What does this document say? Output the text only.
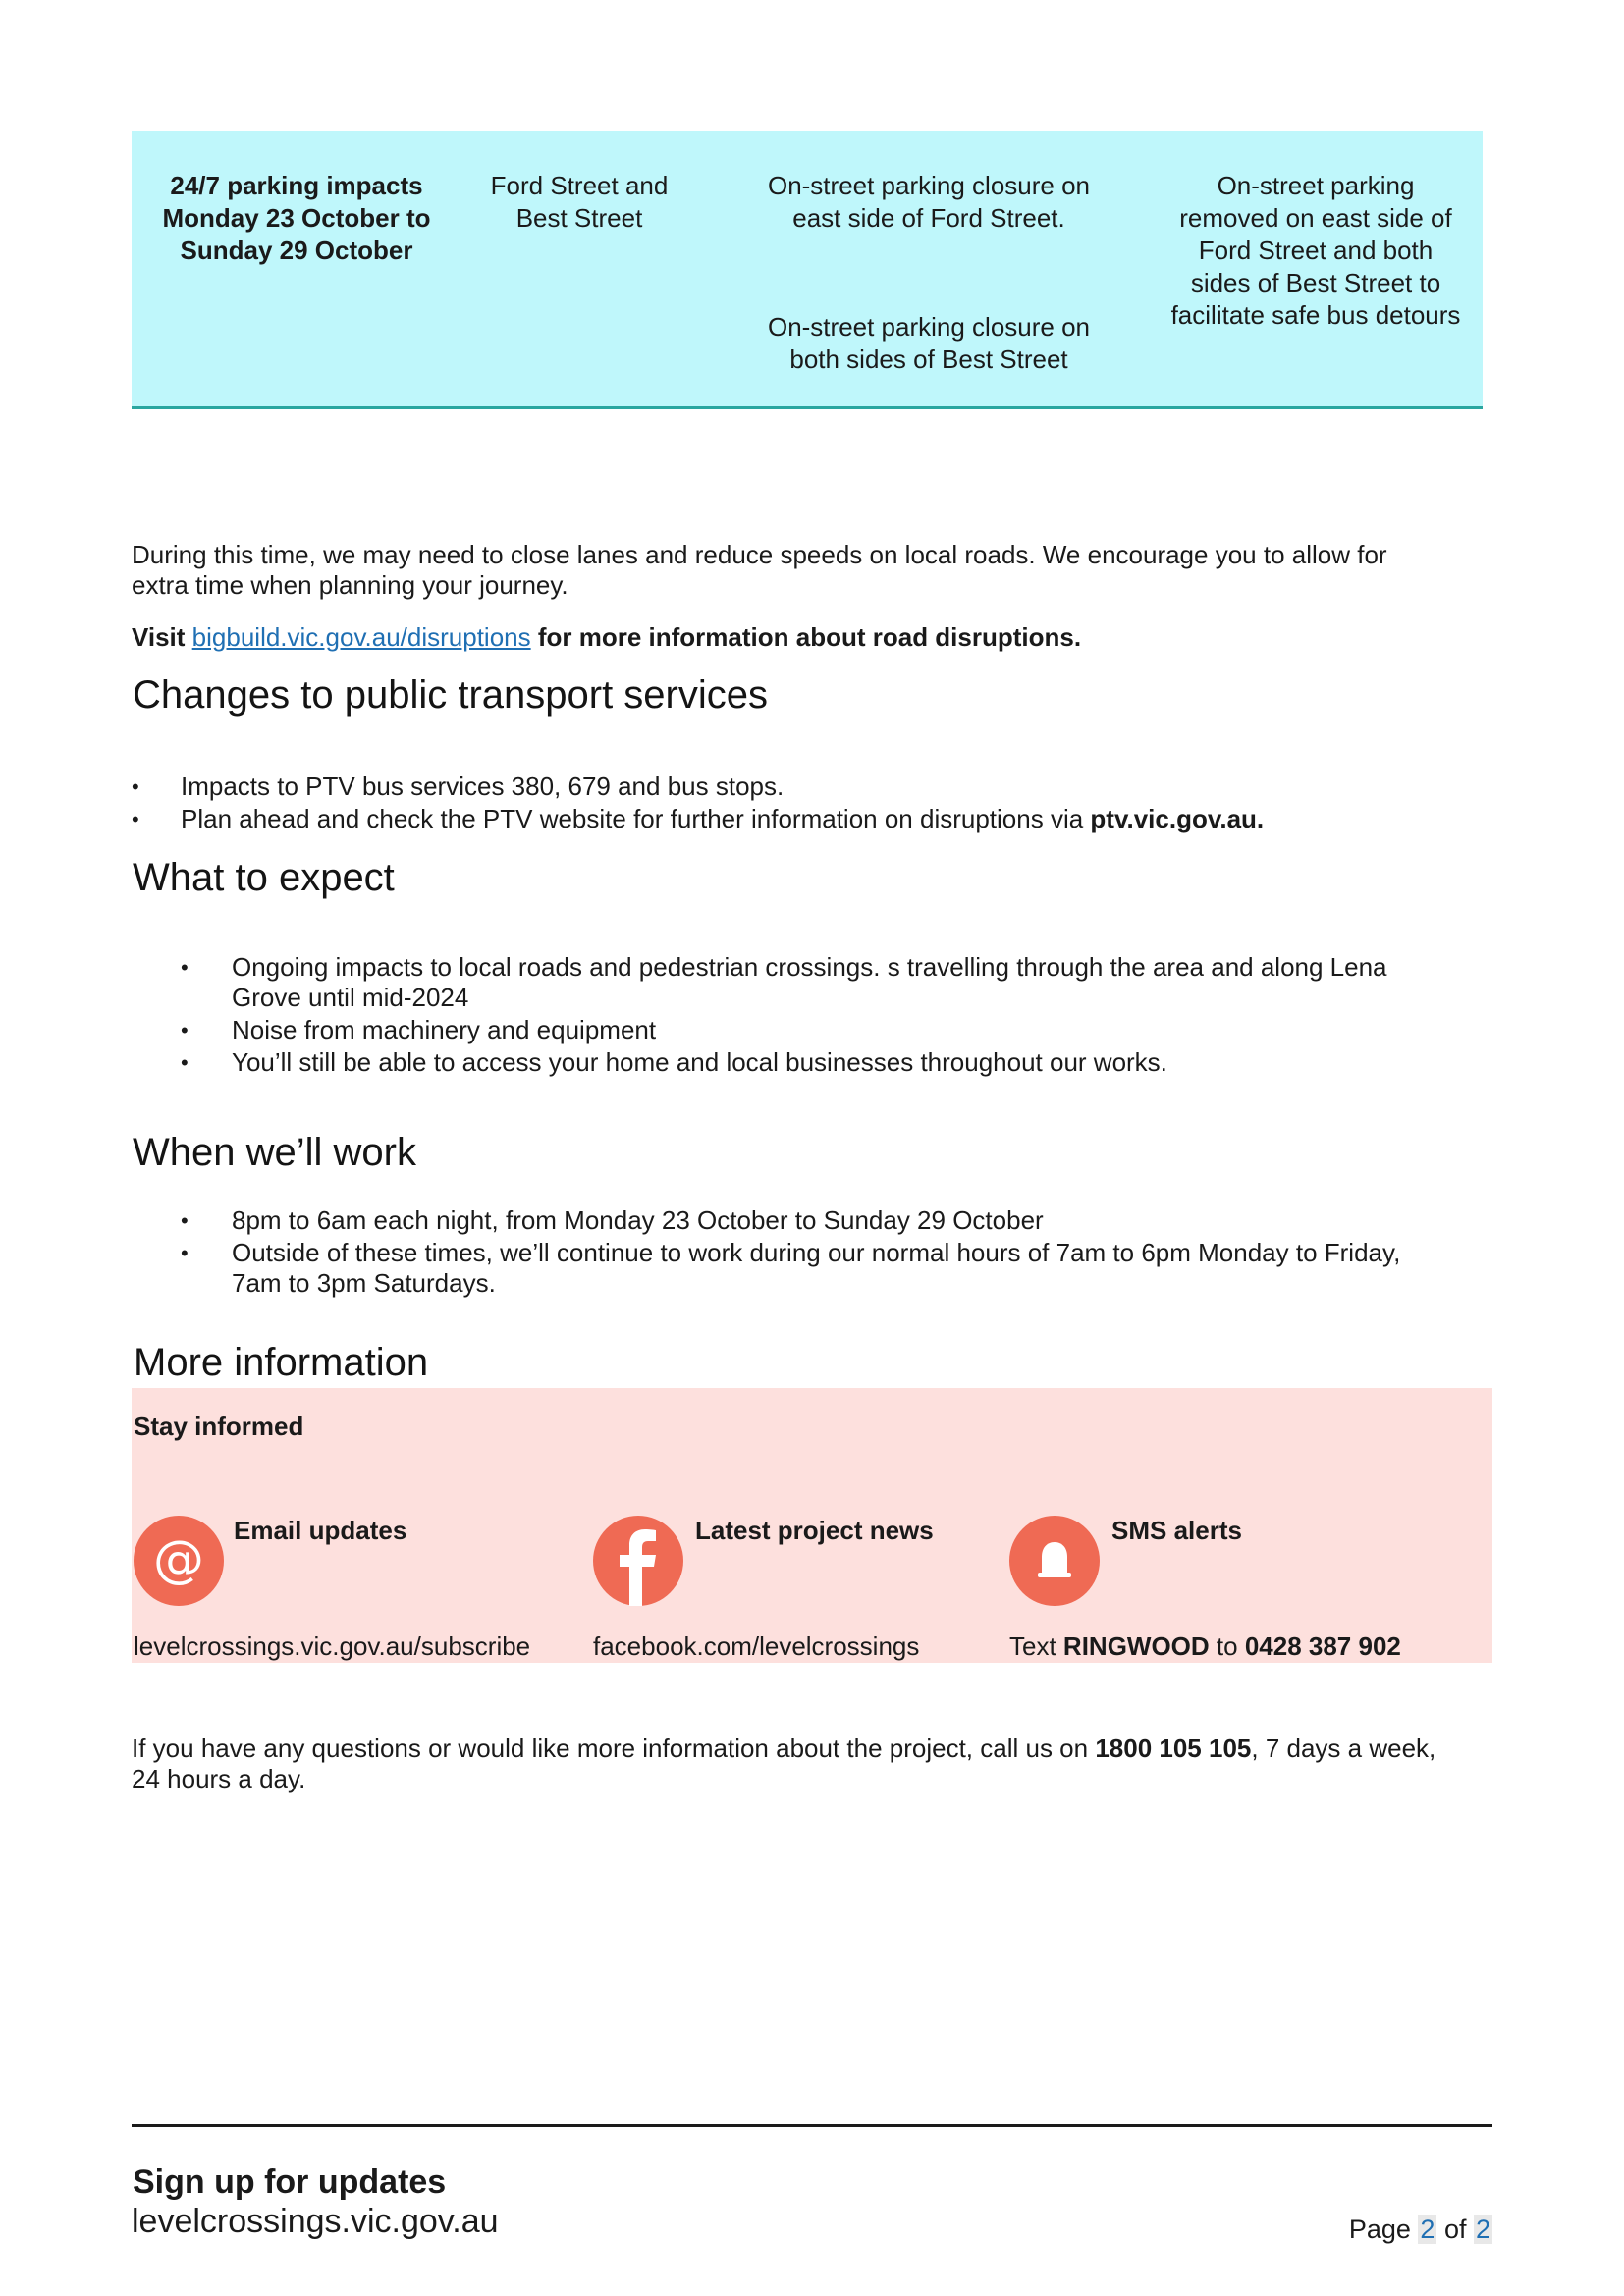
24/7 parking impacts

Monday 23 October to

Sunday 29 October

Ford Street and

Best Street

On-street parking closure on

east side of Ford Street.

On-street parking closure on

both sides of Best Street

On-street parking

removed on east side of

Ford Street and both

sides of Best Street to

facilitate safe bus detours

During this time, we may need to close lanes and reduce speeds on local roads. We encourage you to allow for
extra time when planning your journey.
Visit bigbuild.vic.gov.au/disruptions for more information about road disruptions.
Changes to public transport services
• Impacts to PTV bus services 380, 679 and bus stops.
• Plan ahead and check the PTV website for further information on disruptions via ptv.vic.gov.au.
What to expect
• Ongoing impacts to local roads and pedestrian crossings. s travelling through the area and along Lena
Grove until mid-2024
• Noise from machinery and equipment
• You’ll still be able to access your home and local businesses throughout our works.
When we’ll work
• 8pm to 6am each night, from Monday 23 October to Sunday 29 October
• Outside of these times, we’ll continue to work during our normal hours of 7am to 6pm Monday to Friday,
7am to 3pm Saturdays.
More information
Stay informed
@ Email updates
levelcrossings.vic.gov.au/subscribe
Latest project news
facebook.com/levelcrossings
SMS alerts
Text RINGWOOD to 0428 387 902
If you have any questions or would like more information about the project, call us on 1800 105 105, 7 days a week,
24 hours a day.
Sign up for updates
levelcrossings.vic.gov.au	Page 2 of 2
